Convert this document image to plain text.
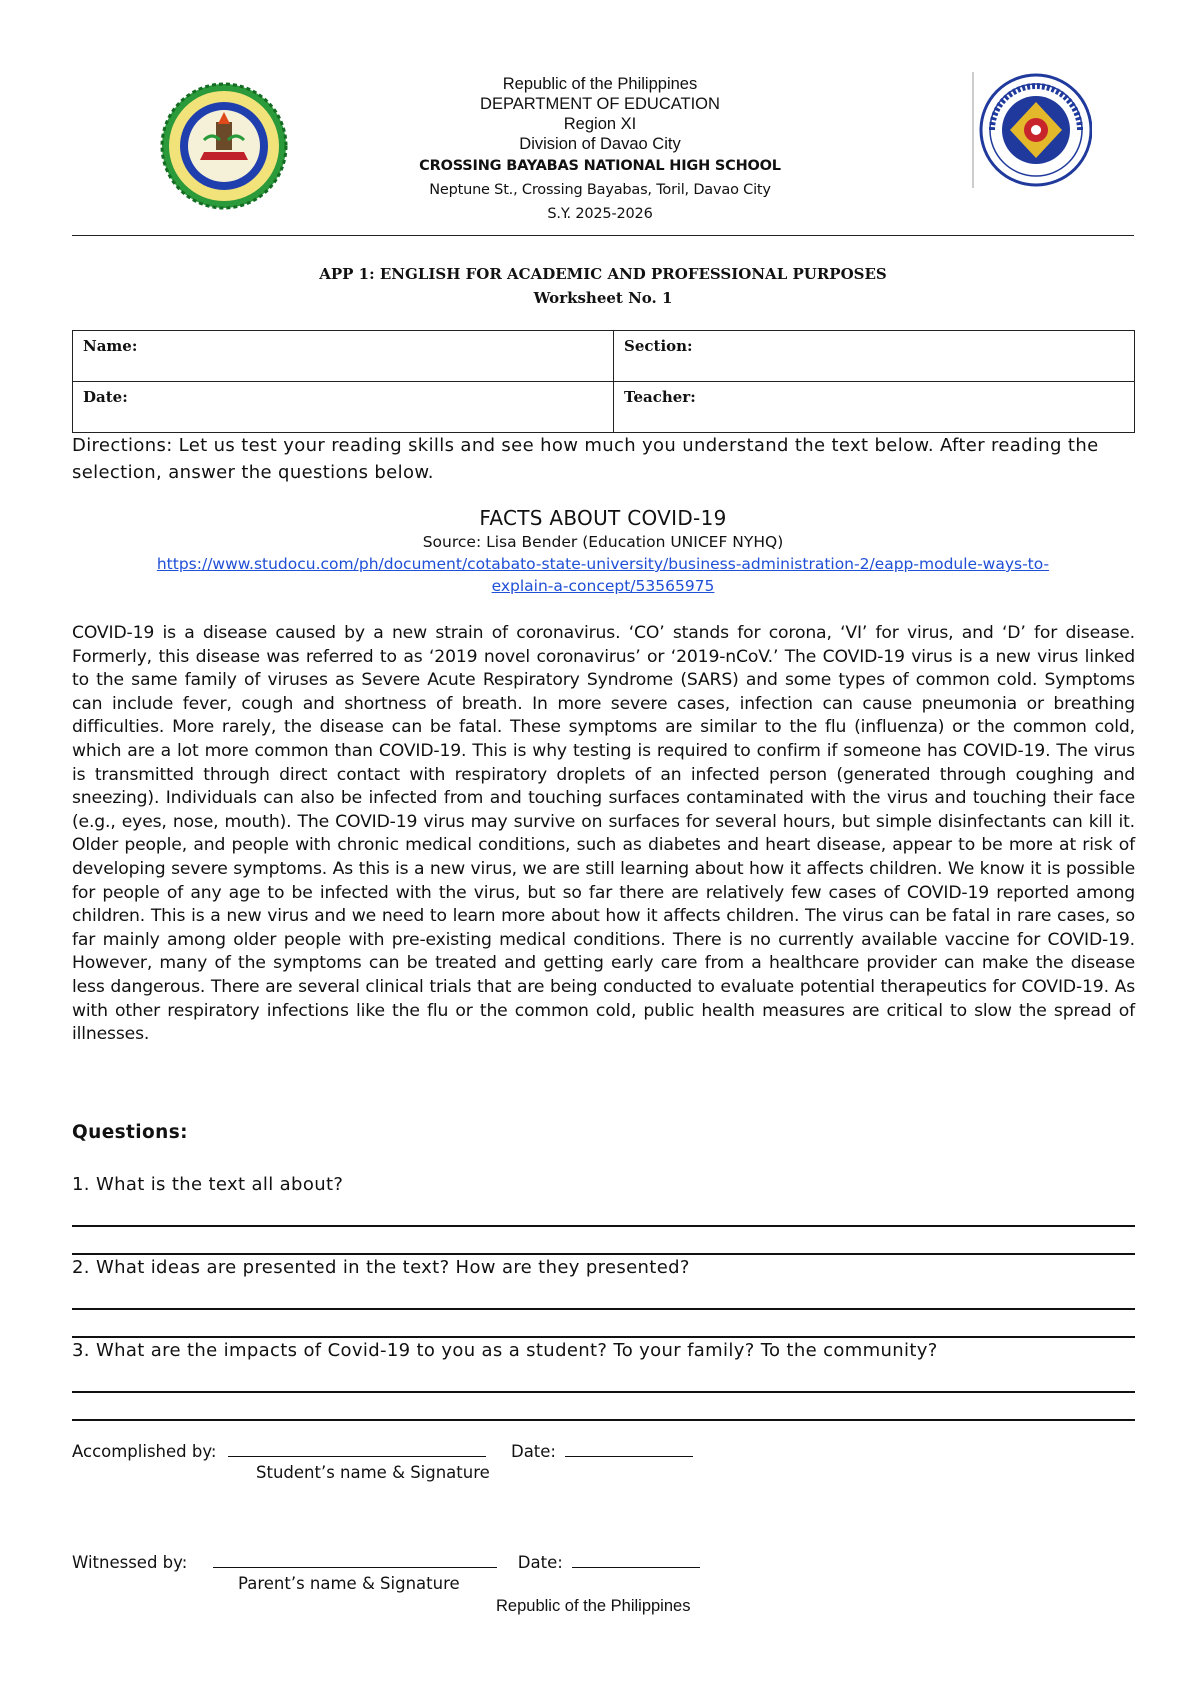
Republic of the Philippines
DEPARTMENT OF EDUCATION
Region XI
Division of Davao City
CROSSING BAYABAS NATIONAL HIGH SCHOOL
Neptune St., Crossing Bayabas, Toril, Davao City
S.Y. 2025-2026
APP 1: ENGLISH FOR ACADEMIC AND PROFESSIONAL PURPOSES
Worksheet No. 1
Name:	Section:
Date:	Teacher:
Directions: Let us test your reading skills and see how much you understand the text below. After reading the selection, answer the questions below.
FACTS ABOUT COVID-19
Source: Lisa Bender (Education UNICEF NYHQ)
https://www.studocu.com/ph/document/cotabato-state-university/business-administration-2/eapp-module-ways-to-
explain-a-concept/53565975
COVID-19 is a disease caused by a new strain of coronavirus. ‘CO’ stands for corona, ‘VI’ for virus, and ‘D’ for disease. Formerly, this disease was referred to as ‘2019 novel coronavirus’ or ‘2019-nCoV.’ The COVID-19 virus is a new virus linked to the same family of viruses as Severe Acute Respiratory Syndrome (SARS) and some types of common cold. Symptoms can include fever, cough and shortness of breath. In more severe cases, infection can cause pneumonia or breathing difficulties. More rarely, the disease can be fatal. These symptoms are similar to the flu (influenza) or the common cold, which are a lot more common than COVID-19. This is why testing is required to confirm if someone has COVID-19. The virus is transmitted through direct contact with respiratory droplets of an infected person (generated through coughing and sneezing). Individuals can also be infected from and touching surfaces contaminated with the virus and touching their face (e.g., eyes, nose, mouth). The COVID-19 virus may survive on surfaces for several hours, but simple disinfectants can kill it. Older people, and people with chronic medical conditions, such as diabetes and heart disease, appear to be more at risk of developing severe symptoms. As this is a new virus, we are still learning about how it affects children. We know it is possible for people of any age to be infected with the virus, but so far there are relatively few cases of COVID-19 reported among children. This is a new virus and we need to learn more about how it affects children. The virus can be fatal in rare cases, so far mainly among older people with pre-existing medical conditions. There is no currently available vaccine for COVID-19. However, many of the symptoms can be treated and getting early care from a healthcare provider can make the disease less dangerous. There are several clinical trials that are being conducted to evaluate potential therapeutics for COVID-19. As with other respiratory infections like the flu or the common cold, public health measures are critical to slow the spread of illnesses.
Questions:
1. What is the text all about?
2. What ideas are presented in the text? How are they presented?
3. What are the impacts of Covid-19 to you as a student? To your family? To the community?
Accomplished by:	Date:
Student’s name & Signature
Witnessed by:	Date:
Parent’s name & Signature
Republic of the Philippines
